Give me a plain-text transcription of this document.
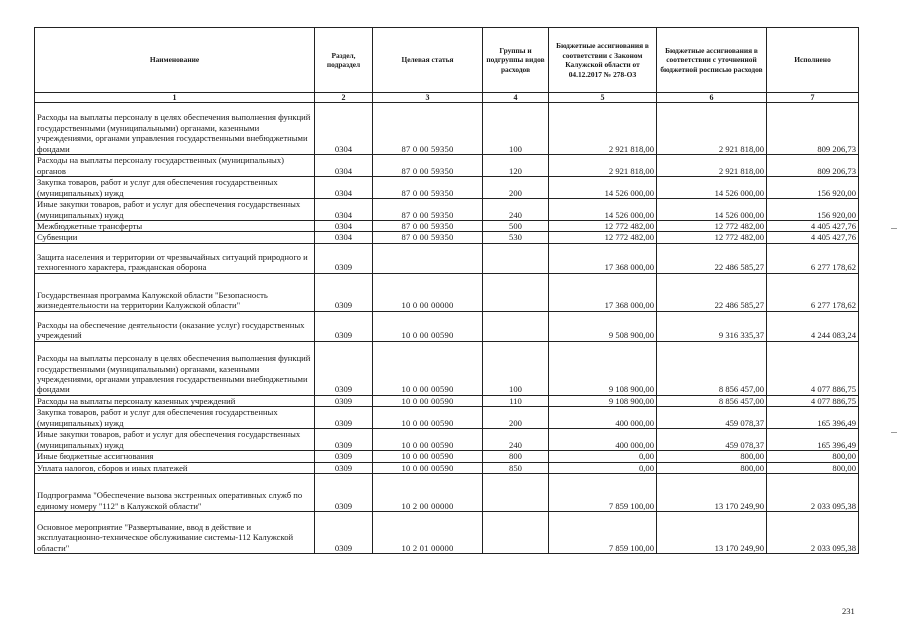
Наименование	Раздел, подраздел	Целевая статья	Группы и подгруппы видов расходов	Бюджетные ассигнования в соответствии с Законом Калужской области от 04.12.2017 № 278-ОЗ	Бюджетные ассигнования в соответствии с уточненной бюджетной росписью расходов	Исполнено
1	2	3	4	5	6	7
Расходы на выплаты персоналу в целях обеспечения выполнения функций государственными (муниципальными) органами, казенными учреждениями, органами управления государственными внебюджетными фондами	0304	87 0 00 59350	100	2 921 818,00	2 921 818,00	809 206,73
Расходы на выплаты персоналу государственных (муниципальных) органов	0304	87 0 00 59350	120	2 921 818,00	2 921 818,00	809 206,73
Закупка товаров, работ и услуг для обеспечения государственных (муниципальных) нужд	0304	87 0 00 59350	200	14 526 000,00	14 526 000,00	156 920,00
Иные закупки товаров, работ и услуг для обеспечения государственных (муниципальных) нужд	0304	87 0 00 59350	240	14 526 000,00	14 526 000,00	156 920,00
Межбюджетные трансферты	0304	87 0 00 59350	500	12 772 482,00	12 772 482,00	4 405 427,76
Субвенции	0304	87 0 00 59350	530	12 772 482,00	12 772 482,00	4 405 427,76
Защита населения и территории от чрезвычайных ситуаций природного и техногенного характера, гражданская оборона	0309			17 368 000,00	22 486 585,27	6 277 178,62
Государственная программа Калужской области "Безопасность жизнедеятельности на территории Калужской области"	0309	10 0 00 00000		17 368 000,00	22 486 585,27	6 277 178,62
Расходы на обеспечение деятельности (оказание услуг) государственных учреждений	0309	10 0 00 00590		9 508 900,00	9 316 335,37	4 244 083,24
Расходы на выплаты персоналу в целях обеспечения выполнения функций государственными (муниципальными) органами, казенными учреждениями, органами управления государственными внебюджетными фондами	0309	10 0 00 00590	100	9 108 900,00	8 856 457,00	4 077 886,75
Расходы на выплаты персоналу казенных учреждений	0309	10 0 00 00590	110	9 108 900,00	8 856 457,00	4 077 886,75
Закупка товаров, работ и услуг для обеспечения государственных (муниципальных) нужд	0309	10 0 00 00590	200	400 000,00	459 078,37	165 396,49
Иные закупки товаров, работ и услуг для обеспечения государственных (муниципальных) нужд	0309	10 0 00 00590	240	400 000,00	459 078,37	165 396,49
Иные бюджетные ассигнования	0309	10 0 00 00590	800	0,00	800,00	800,00
Уплата налогов, сборов и иных платежей	0309	10 0 00 00590	850	0,00	800,00	800,00
Подпрограмма "Обеспечение вызова экстренных оперативных служб по единому номеру "112" в Калужской области"	0309	10 2 00 00000		7 859 100,00	13 170 249,90	2 033 095,38
Основное мероприятие "Развертывание, ввод в действие и эксплуатационно-техническое обслуживание системы-112 Калужской области"	0309	10 2 01 00000		7 859 100,00	13 170 249,90	2 033 095,38
231
